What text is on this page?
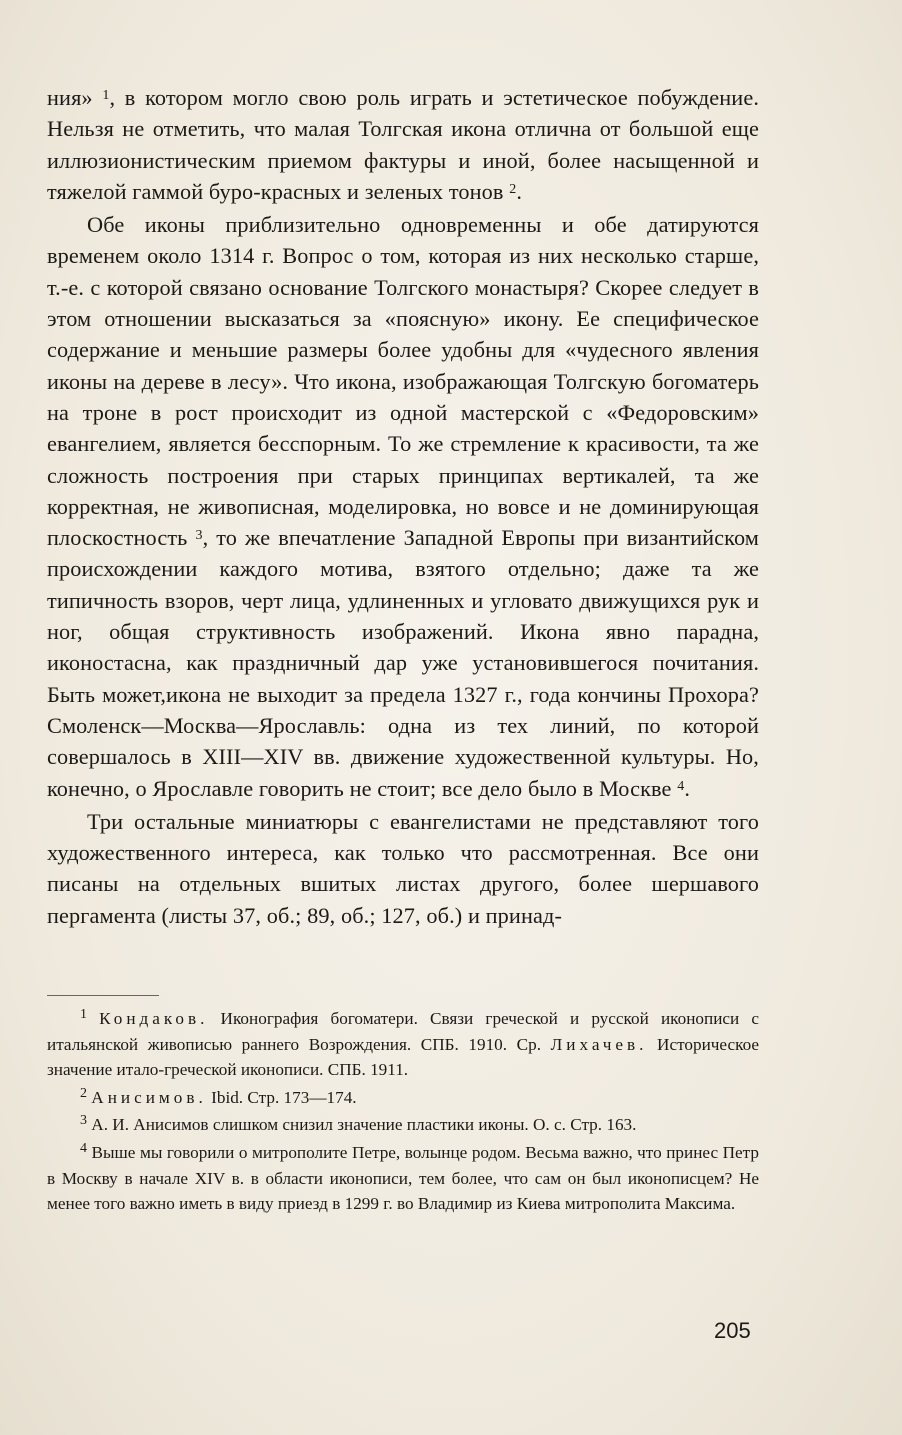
ния» $^1$, в котором могло свою роль играть и эстетическое побуждение. Нельзя не отметить, что малая Толгская икона отлична от большой еще иллюзионистическим приемом фактуры и иной, более насыщенной и тяжелой гаммой буро-красных и зеленых тонов $^2$.

Обе иконы приблизительно одновременны и обе датируются временем около 1314 г. Вопрос о том, которая из них несколько старше, т.-е. с которой связано основание Толгского монастыря? Скорее следует в этом отношении высказаться за «поясную» икону. Ее специфическое содержание и меньшие размеры более удобны для «чудесного явления иконы на дереве в лесу». Что икона, изображающая Толгскую богоматерь на троне в рост происходит из одной мастерской с «Федоровским» евангелием, является бесспорным. То же стремление к красивости, та же сложность построения при старых принципах вертикалей, та же корректная, не живописная, моделировка, но вовсе и не доминирующая плоскостность $^3$, то же впечатление Западной Европы при византийском происхождении каждого мотива, взятого отдельно; даже та же типичность взоров, черт лица, удлиненных и угловато движущихся рук и ног, общая структивность изображений. Икона явно парадна, иконостасна, как праздничный дар уже установившегося почитания. Быть может,икона не выходит за предела 1327 г., года кончины Прохора? Смоленск—Москва—Ярославль: одна из тех линий, по которой совершалось в XIII—XIV вв. движение художественной культуры. Но, конечно, о Ярославле говорить не стоит; все дело было в Москве $^4$.

Три остальные миниатюры с евангелистами не представляют того художественного интереса, как только что рассмотренная. Все они писаны на отдельных вшитых листах другого, более шершавого пергамента (листы 37, об.; 89, об.; 127, об.) и принад-

$^1$ Кондаков. Иконография богоматери. Связи греческой и русской иконописи с итальянской живописью раннего Возрождения. СПБ. 1910. Ср. Лихачев. Историческое значение итало-греческой иконописи. СПБ. 1911.

$^2$ Анисимов. Ibid. Стр. 173—174.

$^3$ А. И. Анисимов слишком снизил значение пластики иконы. О. с. Стр. 163.

$^4$ Выше мы говорили о митрополите Петре, волынце родом. Весьма важно, что принес Петр в Москву в начале XIV в. в области иконописи, тем более, что сам он был иконописцем? Не менее того важно иметь в виду приезд в 1299 г. во Владимир из Киева митрополита Максима.

205
